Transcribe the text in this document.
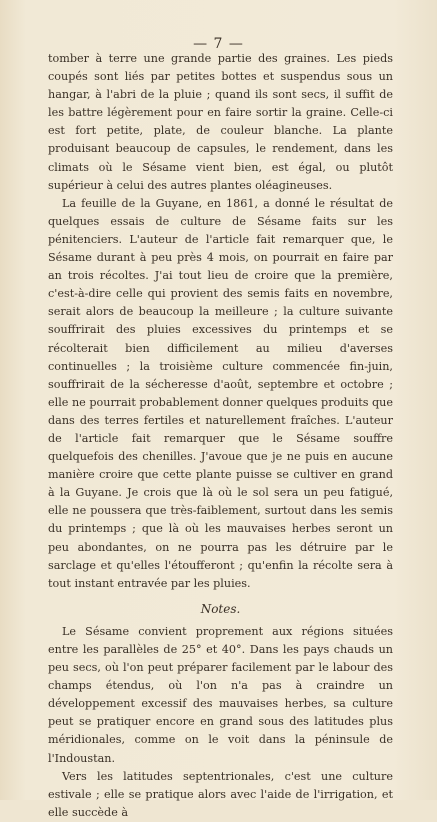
— 7 —

tomber à terre une grande partie des graines. Les pieds coupés sont liés par petites bottes et suspendus sous un hangar, à l'abri de la pluie ; quand ils sont secs, il suffit de les battre légèrement pour en faire sortir la graine. Celle-ci est fort petite, plate, de couleur blanche. La plante produisant beaucoup de capsules, le rendement, dans les climats où le Sésame vient bien, est égal, ou plutôt supérieur à celui des autres plantes oléagineuses.

La feuille de la Guyane, en 1861, a donné le résultat de quelques essais de culture de Sésame faits sur les pénitenciers. L'auteur de l'article fait remarquer que, le Sésame durant à peu près 4 mois, on pourrait en faire par an trois récoltes. J'ai tout lieu de croire que la première, c'est-à-dire celle qui provient des semis faits en novembre, serait alors de beaucoup la meilleure ; la culture suivante souffrirait des pluies excessives du printemps et se récolterait bien difficilement au milieu d'averses continuelles ; la troisième culture commencée fin-juin, souffrirait de la sécheresse d'août, septembre et octobre ; elle ne pourrait probablement donner quelques produits que dans des terres fertiles et naturellement fraîches. L'auteur de l'article fait remarquer que le Sésame souffre quelquefois des chenilles. J'avoue que je ne puis en aucune manière croire que cette plante puisse se cultiver en grand à la Guyane. Je crois que là où le sol sera un peu fatigué, elle ne poussera que très-faiblement, surtout dans les semis du printemps ; que là où les mauvaises herbes seront un peu abondantes, on ne pourra pas les détruire par le sarclage et qu'elles l'étoufferont ; qu'enfin la récolte sera à tout instant entravée par les pluies.

Notes.

Le Sésame convient proprement aux régions situées entre les parallèles de 25° et 40°. Dans les pays chauds un peu secs, où l'on peut préparer facilement par le labour des champs étendus, où l'on n'a pas à craindre un développement excessif des mauvaises herbes, sa culture peut se pratiquer encore en grand sous des latitudes plus méridionales, comme on le voit dans la péninsule de l'Indoustan.

Vers les latitudes septentrionales, c'est une culture estivale ; elle se pratique alors avec l'aide de l'irrigation, et elle succède à
